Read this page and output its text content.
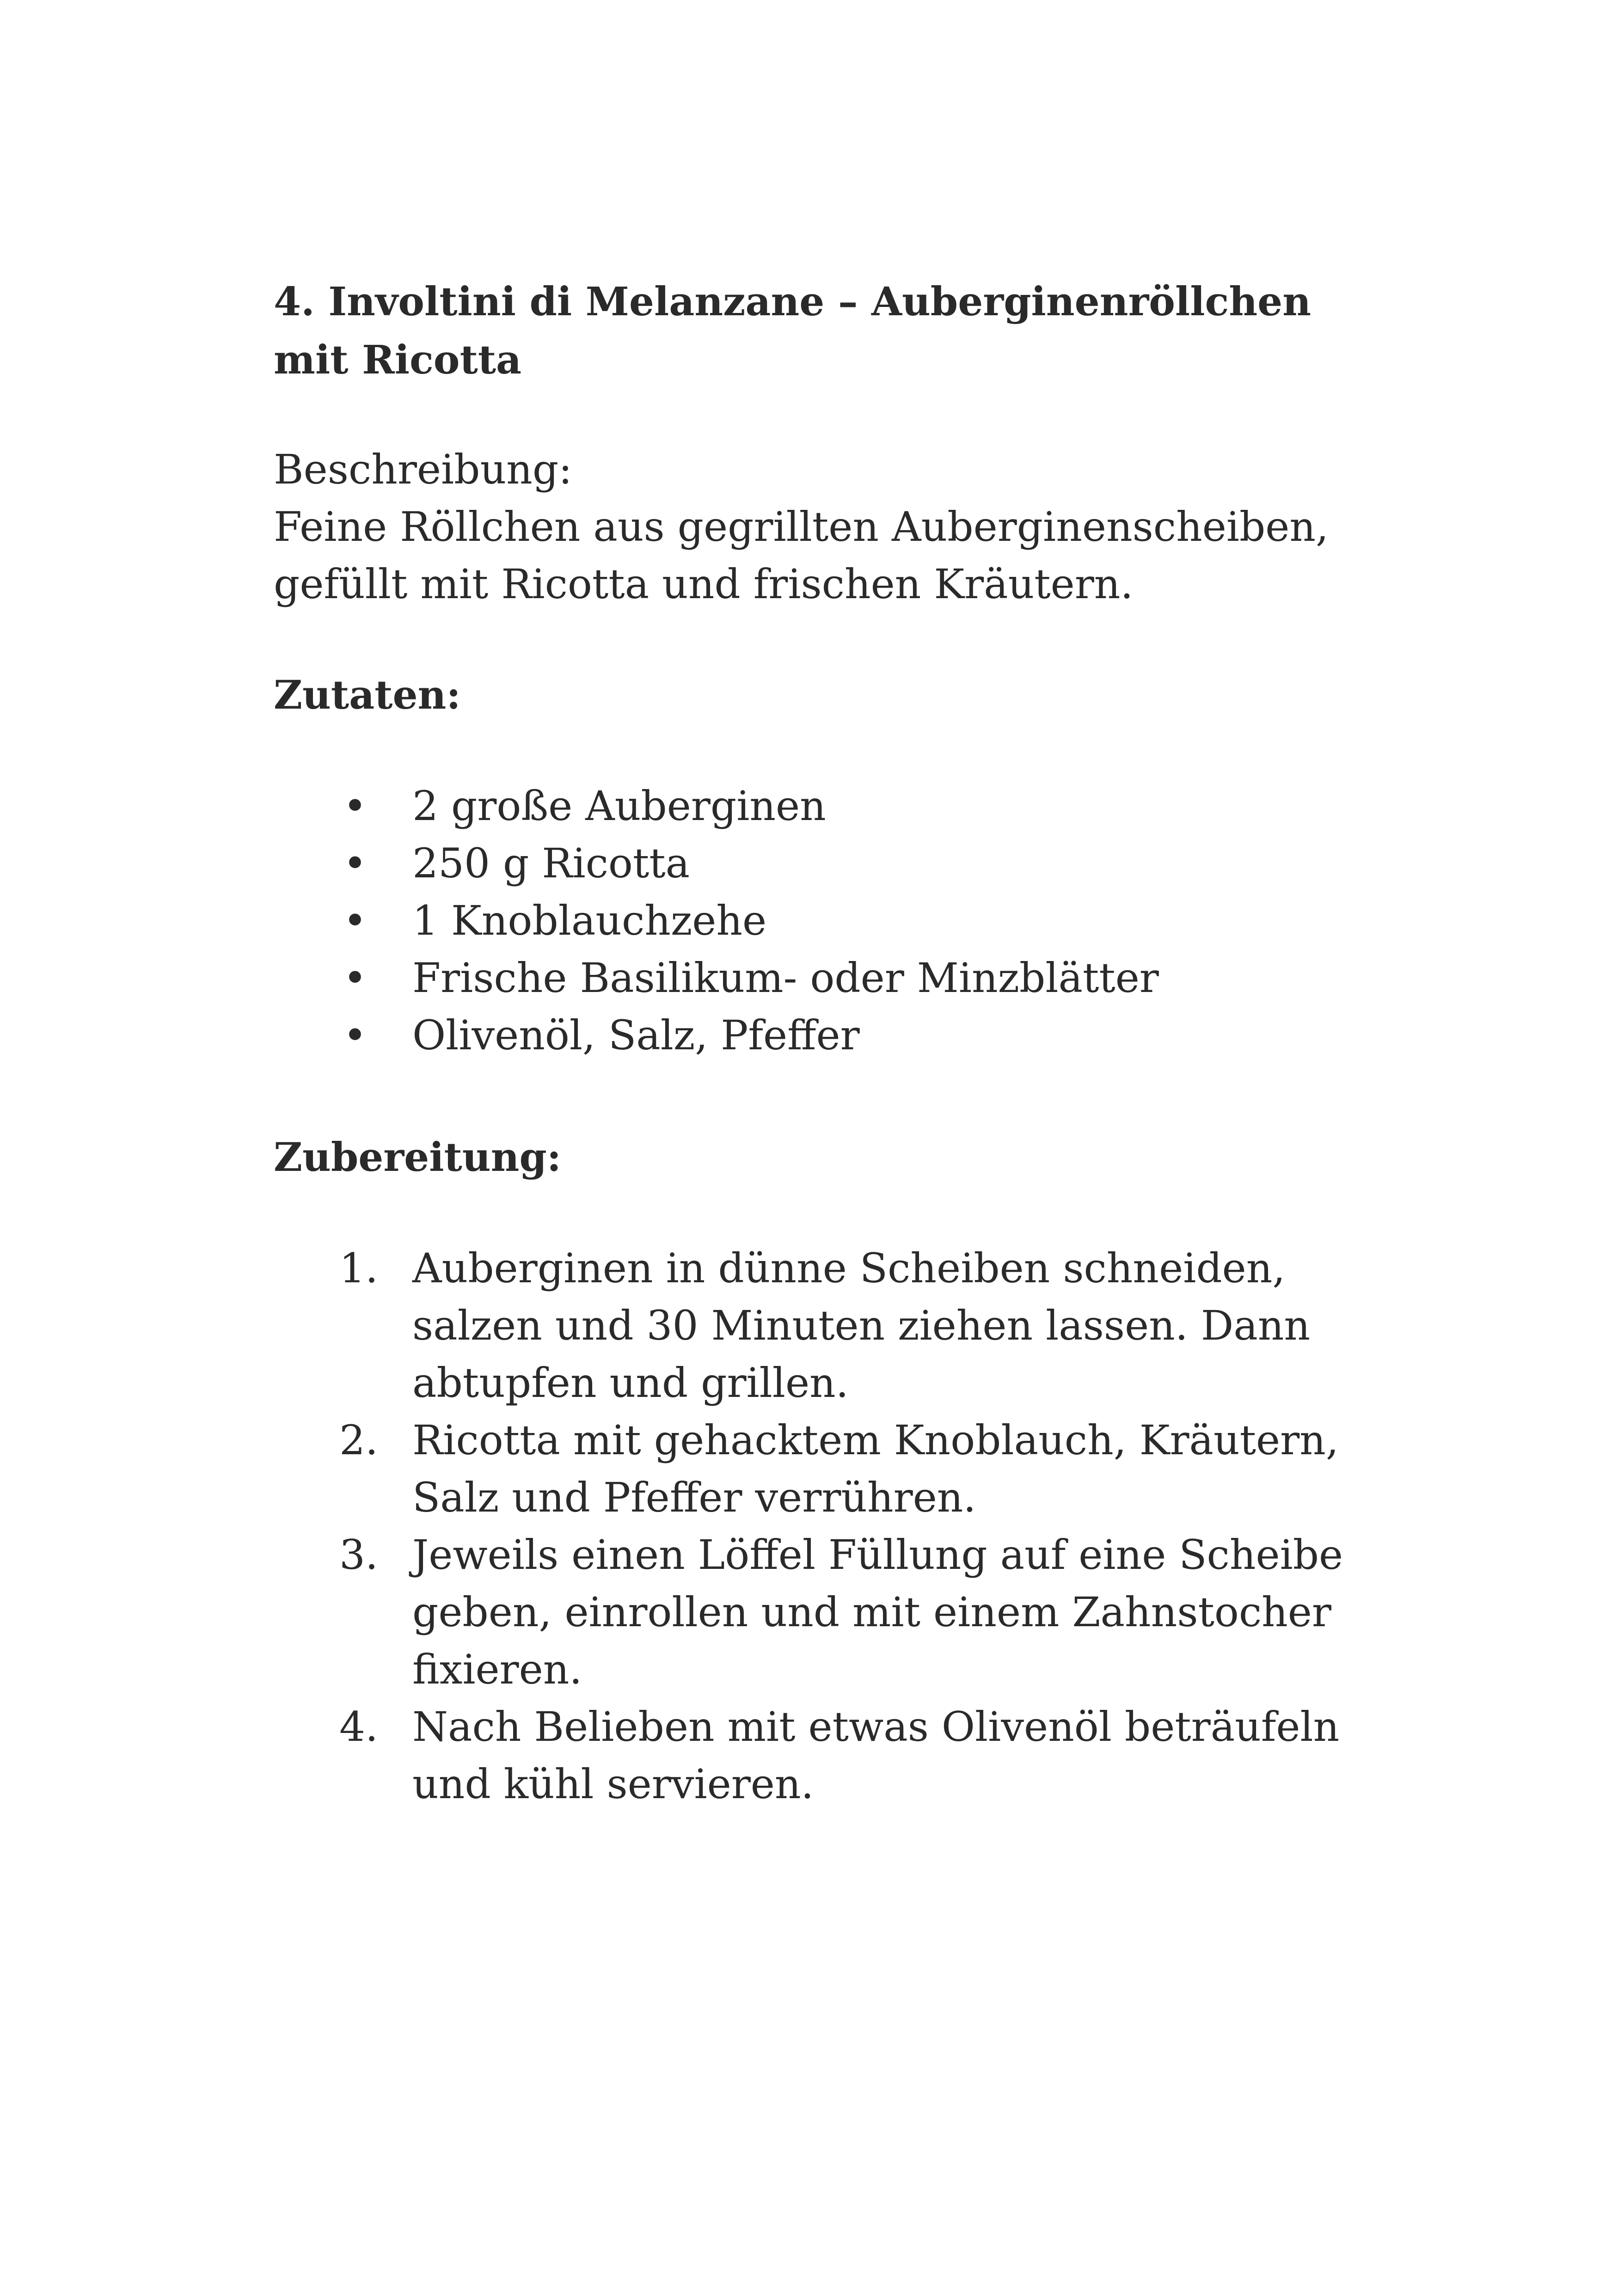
4. Involtini di Melanzane – Auberginenröllchen
mit Ricotta

Beschreibung:

Feine Röllchen aus gegrillten Auberginenscheiben,
gefüllt mit Ricotta und frischen Kräutern.

Zutaten:
• 2 große Auberginen
• 250 g Ricotta
• 1 Knoblauchzehe
• Frische Basilikum- oder Minzblätter
• Olivenöl, Salz, Pfeffer
Zubereitung:
1. Auberginen in dünne Scheiben schneiden,
salzen und 30 Minuten ziehen lassen. Dann
abtupfen und grillen.
2. Ricotta mit gehacktem Knoblauch, Kräutern,
Salz und Pfeffer verrühren.
3. Jeweils einen Löffel Füllung auf eine Scheibe
geben, einrollen und mit einem Zahnstocher
fixieren.
4. Nach Belieben mit etwas Olivenöl beträufeln
und kühl servieren.
